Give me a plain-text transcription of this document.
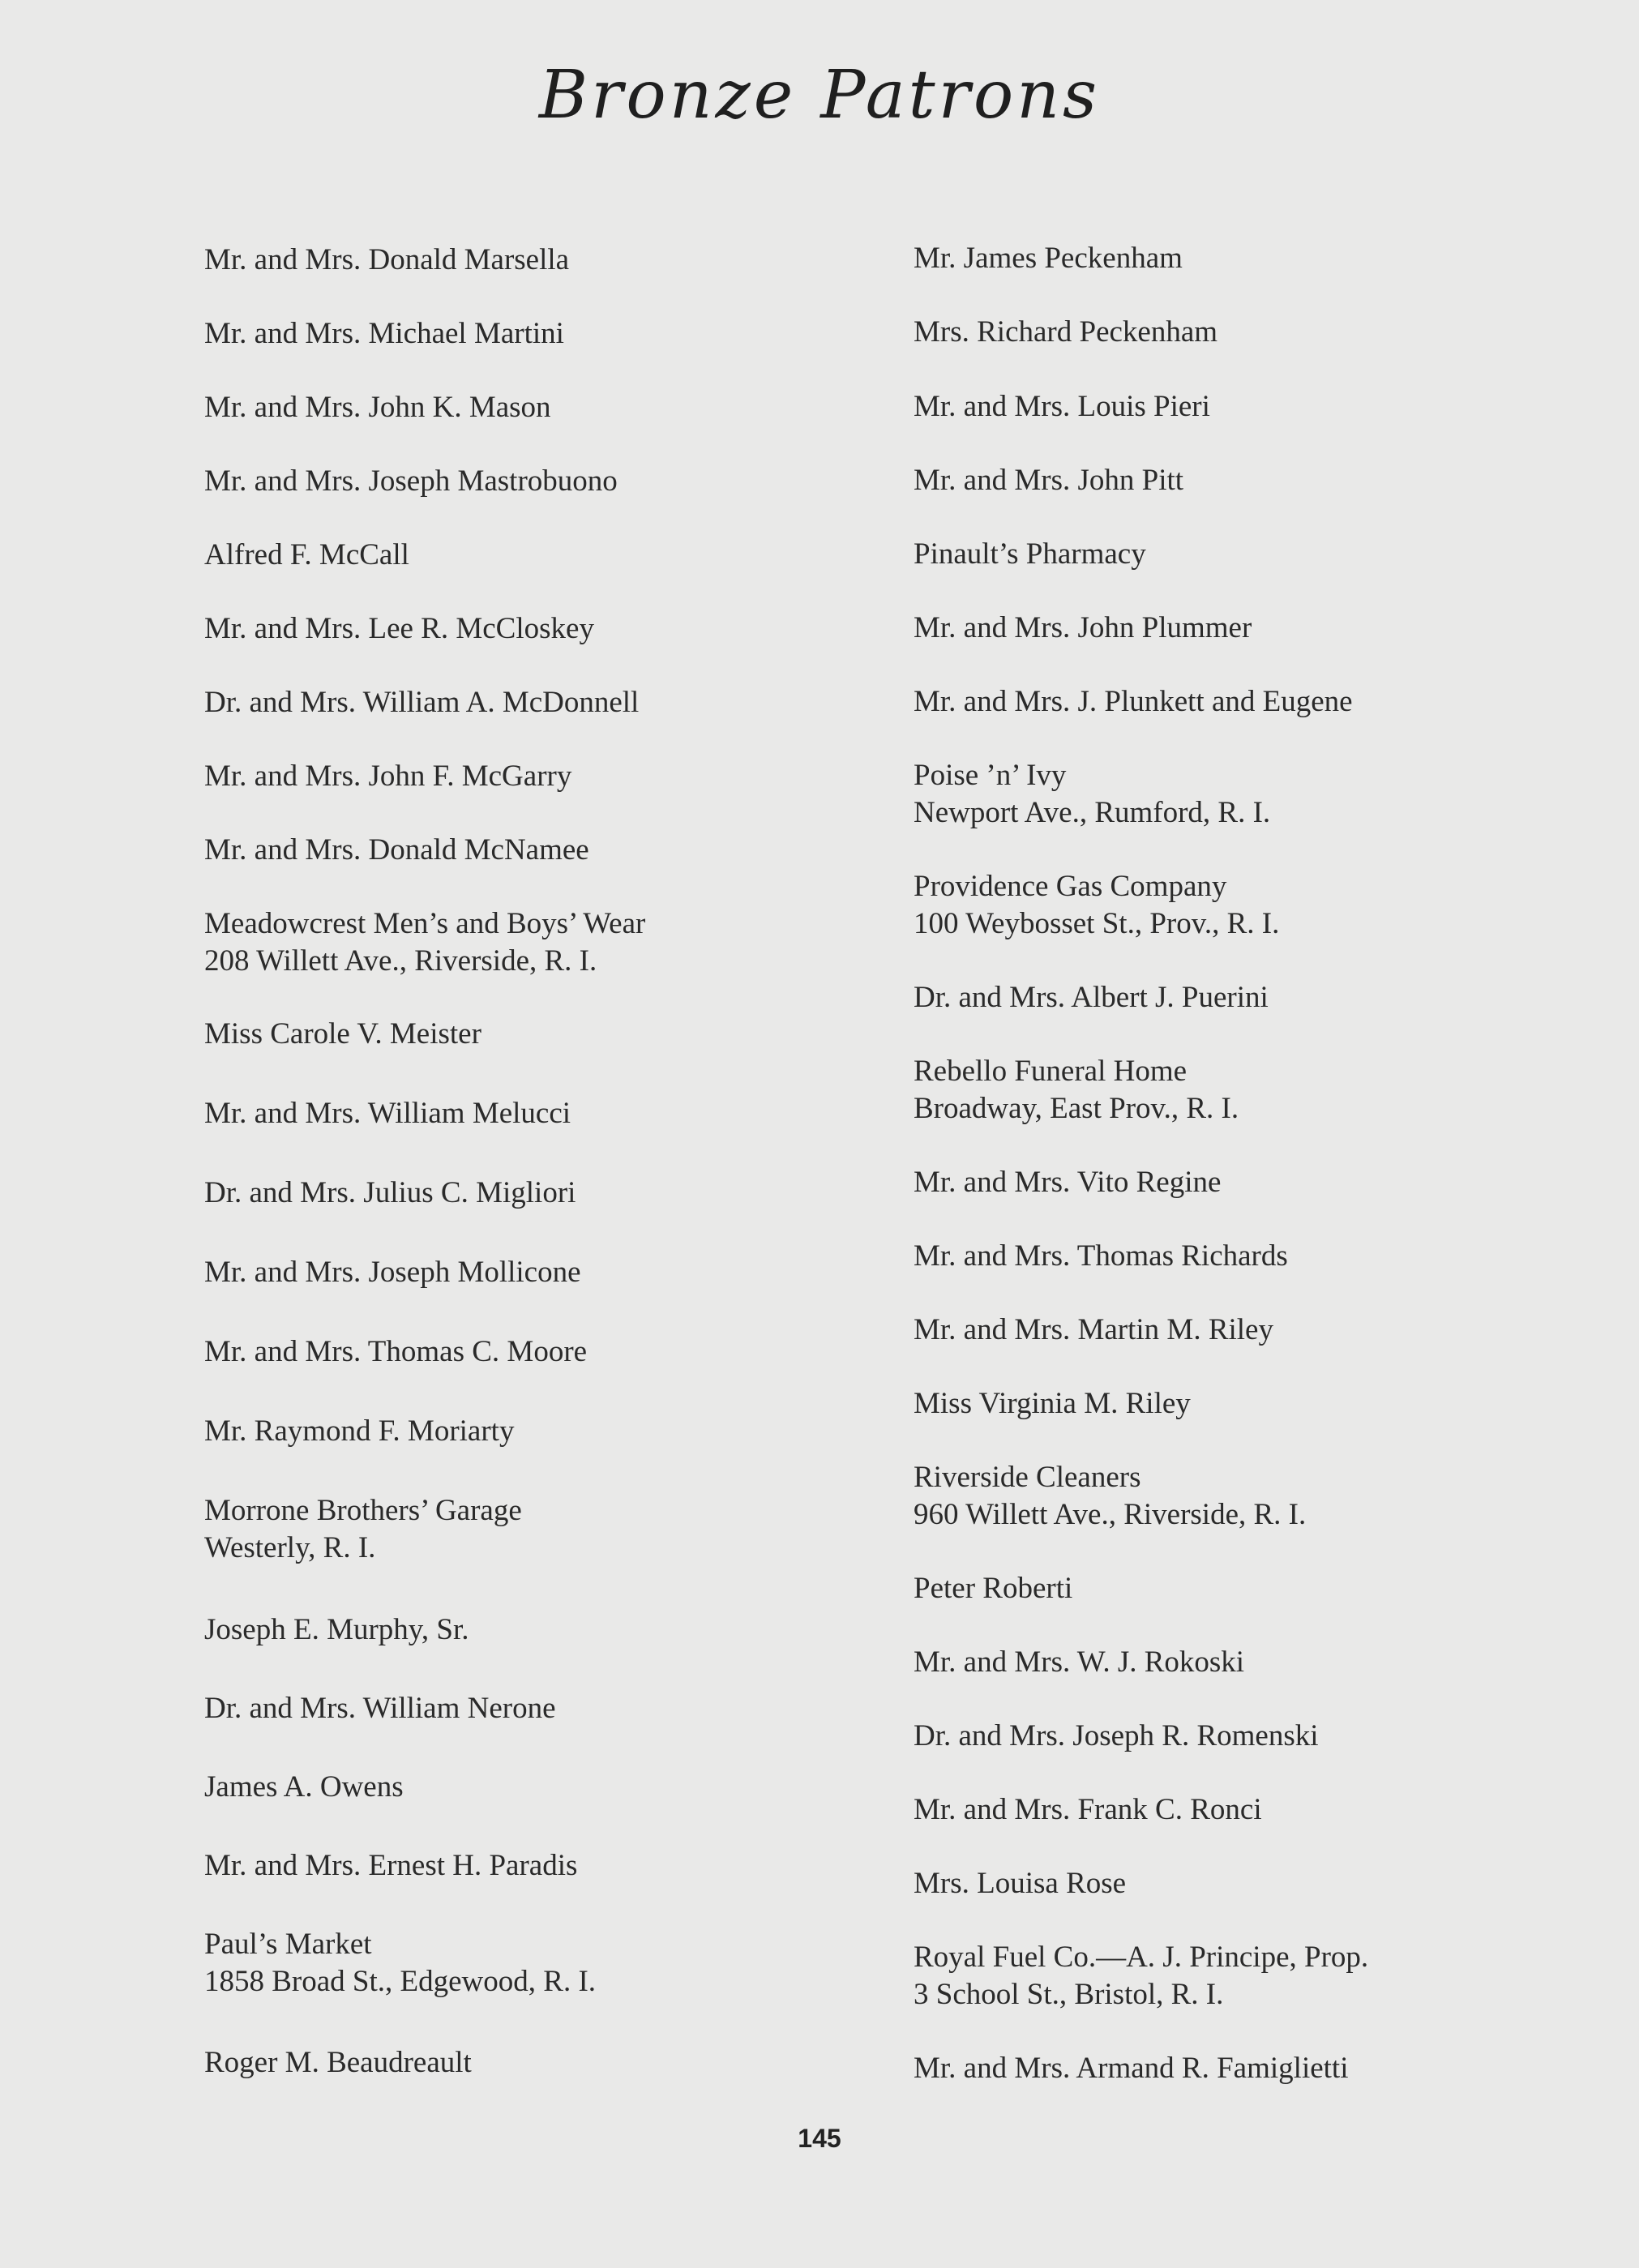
Bronze Patrons
Mr. and Mrs. Donald Marsella
Mr. and Mrs. Michael Martini
Mr. and Mrs. John K. Mason
Mr. and Mrs. Joseph Mastrobuono
Alfred F. McCall
Mr. and Mrs. Lee R. McCloskey
Dr. and Mrs. William A. McDonnell
Mr. and Mrs. John F. McGarry
Mr. and Mrs. Donald McNamee
Meadowcrest Men’s and Boys’ Wear
208 Willett Ave., Riverside, R. I.
Miss Carole V. Meister
Mr. and Mrs. William Melucci
Dr. and Mrs. Julius C. Migliori
Mr. and Mrs. Joseph Mollicone
Mr. and Mrs. Thomas C. Moore
Mr. Raymond F. Moriarty
Morrone Brothers’ Garage
Westerly, R. I.
Joseph E. Murphy, Sr.
Dr. and Mrs. William Nerone
James A. Owens
Mr. and Mrs. Ernest H. Paradis
Paul’s Market
1858 Broad St., Edgewood, R. I.
Roger M. Beaudreault
Mr. James Peckenham
Mrs. Richard Peckenham
Mr. and Mrs. Louis Pieri
Mr. and Mrs. John Pitt
Pinault’s Pharmacy
Mr. and Mrs. John Plummer
Mr. and Mrs. J. Plunkett and Eugene
Poise ’n’ Ivy
Newport Ave., Rumford, R. I.
Providence Gas Company
100 Weybosset St., Prov., R. I.
Dr. and Mrs. Albert J. Puerini
Rebello Funeral Home
Broadway, East Prov., R. I.
Mr. and Mrs. Vito Regine
Mr. and Mrs. Thomas Richards
Mr. and Mrs. Martin M. Riley
Miss Virginia M. Riley
Riverside Cleaners
960 Willett Ave., Riverside, R. I.
Peter Roberti
Mr. and Mrs. W. J. Rokoski
Dr. and Mrs. Joseph R. Romenski
Mr. and Mrs. Frank C. Ronci
Mrs. Louisa Rose
Royal Fuel Co.—A. J. Principe, Prop.
3 School St., Bristol, R. I.
Mr. and Mrs. Armand R. Famiglietti
145
